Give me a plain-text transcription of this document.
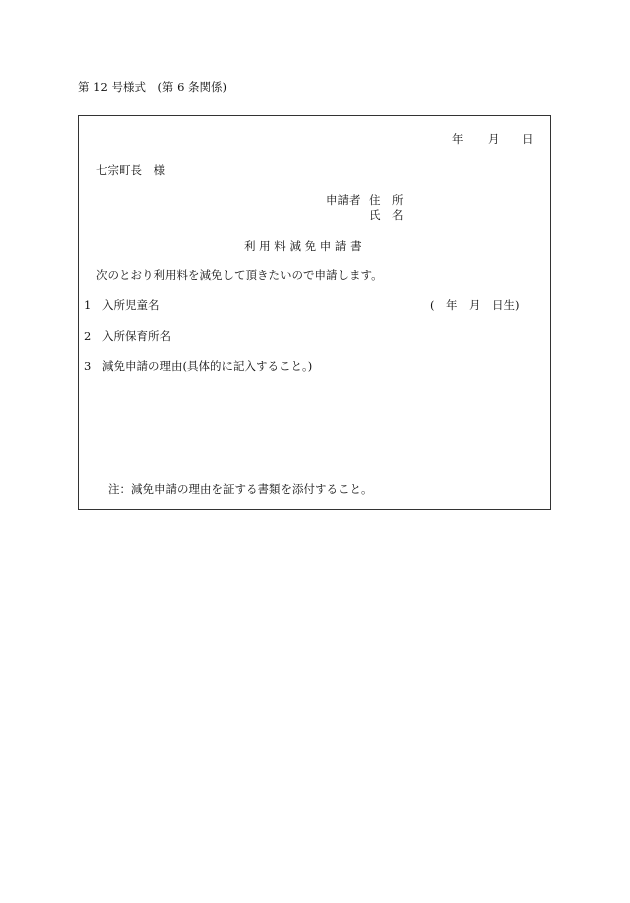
第 12 号様式　(第 6 条関係)
年 月 日
七宗町長　様
申請者 住　所
氏　名
利 用 料 減 免 申 請 書
次のとおり利用料を減免して頂きたいので申請します。
1 入所児童名	(　年　月　日生)
2 入所保育所名
3 減免申請の理由(具体的に記入すること。)
注：減免申請の理由を証する書類を添付すること。
